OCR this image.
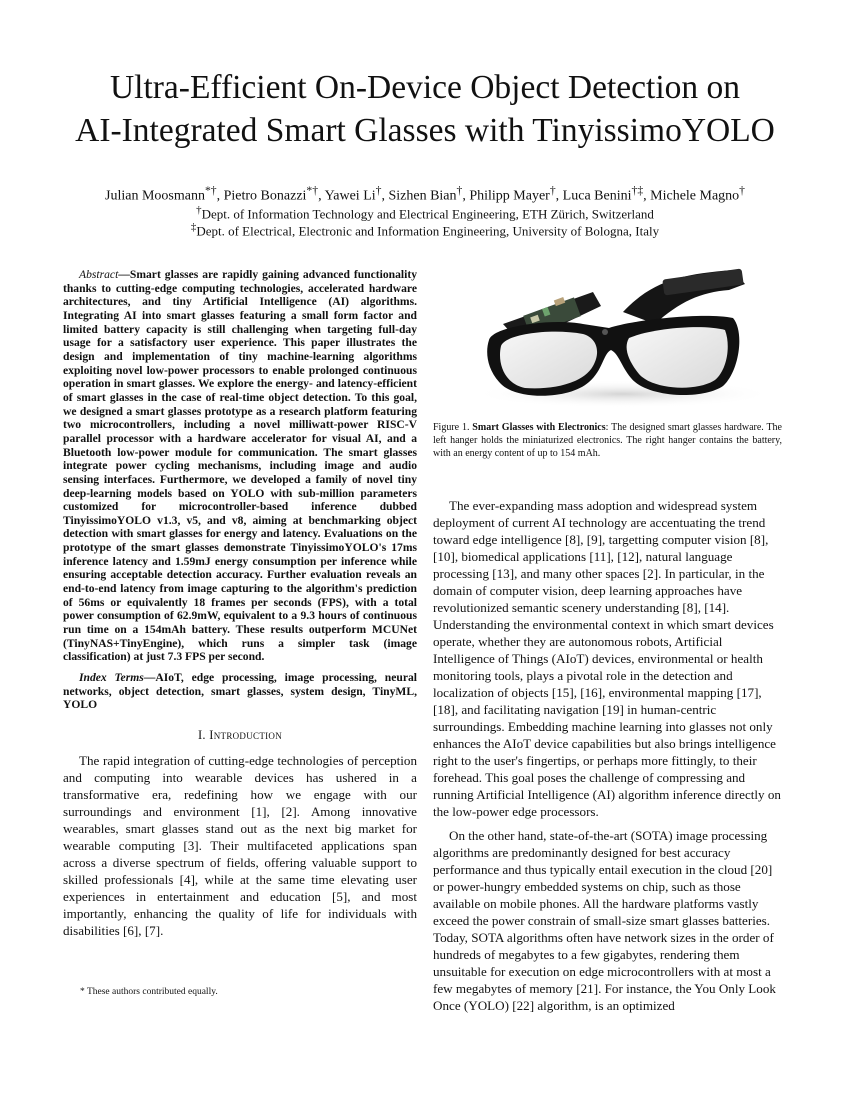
Ultra-Efficient On-Device Object Detection on
AI-Integrated Smart Glasses with TinyissimoYOLO
Julian Moosmann*†, Pietro Bonazzi*†, Yawei Li†, Sizhen Bian†, Philipp Mayer†, Luca Benini†‡, Michele Magno†
†Dept. of Information Technology and Electrical Engineering, ETH Zürich, Switzerland
‡Dept. of Electrical, Electronic and Information Engineering, University of Bologna, Italy

Abstract—Smart glasses are rapidly gaining advanced functionality thanks to cutting-edge computing technologies, accelerated hardware architectures, and tiny Artificial Intelligence (AI) algorithms. Integrating AI into smart glasses featuring a small form factor and limited battery capacity is still challenging when targeting full-day usage for a satisfactory user experience. This paper illustrates the design and implementation of tiny machine-learning algorithms exploiting novel low-power processors to enable prolonged continuous operation in smart glasses. We explore the energy- and latency-efficient of smart glasses in the case of real-time object detection. To this goal, we designed a smart glasses prototype as a research platform featuring two microcontrollers, including a novel milliwatt-power RISC-V parallel processor with a hardware accelerator for visual AI, and a Bluetooth low-power module for communication. The smart glasses integrate power cycling mechanisms, including image and audio sensing interfaces. Furthermore, we developed a family of novel tiny deep-learning models based on YOLO with sub-million parameters customized for microcontroller-based inference dubbed TinyissimoYOLO v1.3, v5, and v8, aiming at benchmarking object detection with smart glasses for energy and latency. Evaluations on the prototype of the smart glasses demonstrate TinyissimoYOLO's 17ms inference latency and 1.59mJ energy consumption per inference while ensuring acceptable detection accuracy. Further evaluation reveals an end-to-end latency from image capturing to the algorithm's prediction of 56ms or equivalently 18 frames per seconds (FPS), with a total power consumption of 62.9mW, equivalent to a 9.3 hours of continuous run time on a 154mAh battery. These results outperform MCUNet (TinyNAS+TinyEngine), which runs a simpler task (image classification) at just 7.3 FPS per second.

Index Terms—AIoT, edge processing, image processing, neural networks, object detection, smart glasses, system design, TinyML, YOLO

I. Introduction

The rapid integration of cutting-edge technologies of perception and computing into wearable devices has ushered in a transformative era, redefining how we engage with our surroundings and environment [1], [2]. Among innovative wearables, smart glasses stand out as the next big market for wearable computing [3]. Their multifaceted applications span across a diverse spectrum of fields, offering valuable support to skilled professionals [4], while at the same time elevating user experiences in entertainment and education [5], and most importantly, enhancing the quality of life for individuals with disabilities [6], [7].

* These authors contributed equally.

Figure 1. Smart Glasses with Electronics: The designed smart glasses hardware. The left hanger holds the miniaturized electronics. The right hanger contains the battery, with an energy content of up to 154 mAh.

The ever-expanding mass adoption and widespread system deployment of current AI technology are accentuating the trend toward edge intelligence [8], [9], targetting computer vision [8], [10], biomedical applications [11], [12], natural language processing [13], and many other spaces [2]. In particular, in the domain of computer vision, deep learning approaches have revolutionized semantic scenery understanding [8], [14]. Understanding the environmental context in which smart devices operate, whether they are autonomous robots, Artificial Intelligence of Things (AIoT) devices, environmental or health monitoring tools, plays a pivotal role in the detection and localization of objects [15], [16], environmental mapping [17], [18], and facilitating navigation [19] in human-centric surroundings. Embedding machine learning into glasses not only enhances the AIoT device capabilities but also brings intelligence right to the user's fingertips, or perhaps more fittingly, to their forehead. This goal poses the challenge of compressing and running Artificial Intelligence (AI) algorithm inference directly on the low-power edge processors.

On the other hand, state-of-the-art (SOTA) image processing algorithms are predominantly designed for best accuracy performance and thus typically entail execution in the cloud [20] or power-hungry embedded systems on chip, such as those available on mobile phones. All the hardware platforms vastly exceed the power constrain of small-size smart glasses batteries. Today, SOTA algorithms often have network sizes in the order of hundreds of megabytes to a few gigabytes, rendering them unsuitable for execution on edge microcontrollers with at most a few megabytes of memory [21]. For instance, the You Only Look Once (YOLO) [22] algorithm, is an optimized
